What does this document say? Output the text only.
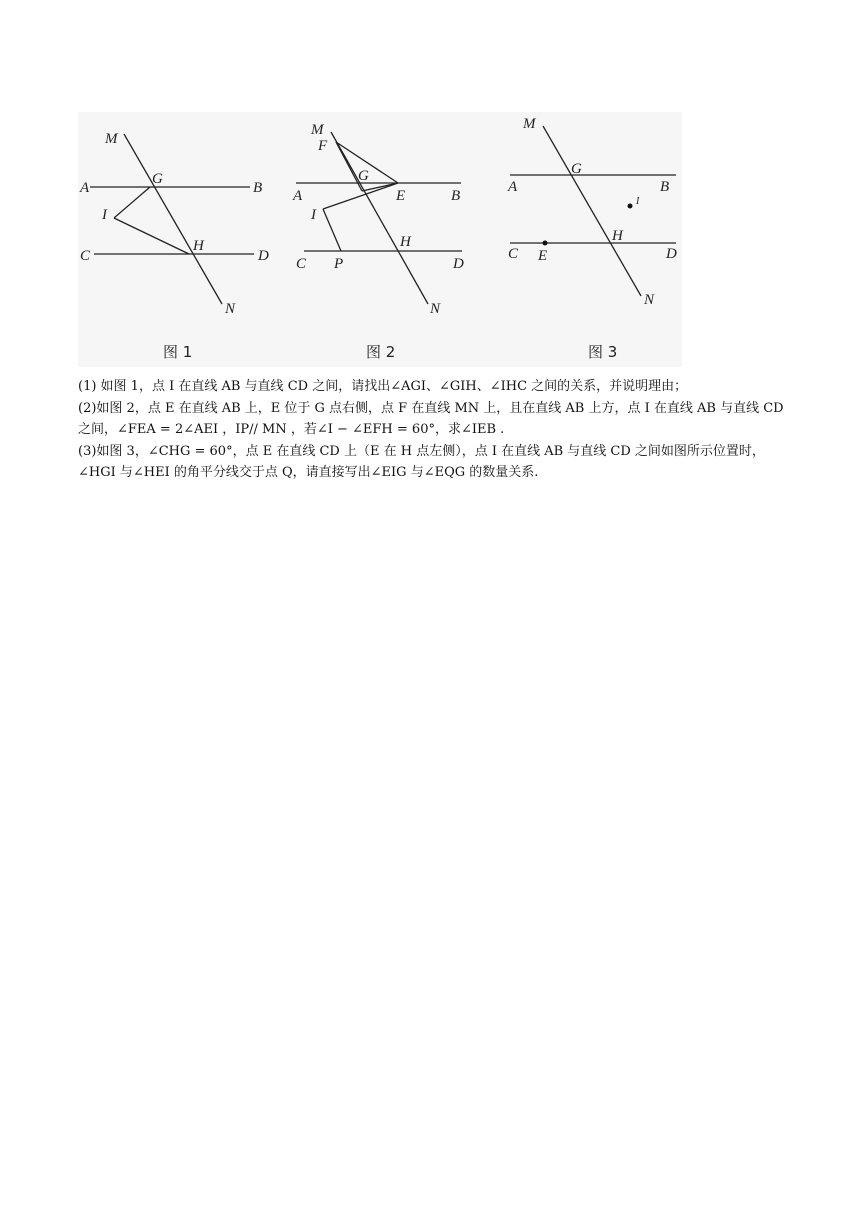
M
G
A	B
I
C
H
D
N
图 1
M
F
G
A	E	B
I
H
C P	D
N
图 2
M
G
A	B
I
H
C E	D
N
图 3

(1) 如图 1，点 I 在直线 AB 与直线 CD 之间，请找出∠AGI、∠GIH、∠IHC 之间的关系，并说明理由；

(2)如图 2，点 E 在直线 AB 上，E 位于 G 点右侧，点 F 在直线 MN 上，且在直线 AB 上方，点 I 在直线 AB 与直线 CD 之间，∠FEA = 2∠AEI ，IP// MN ，若∠I − ∠EFH = 60°，求∠IEB .

(3)如图 3，∠CHG = 60°，点 E 在直线 CD 上（E 在 H 点左侧），点 I 在直线 AB 与直线 CD 之间如图所示位置时，∠HGI 与∠HEI 的角平分线交于点 Q，请直接写出∠EIG 与∠EQG 的数量关系.
